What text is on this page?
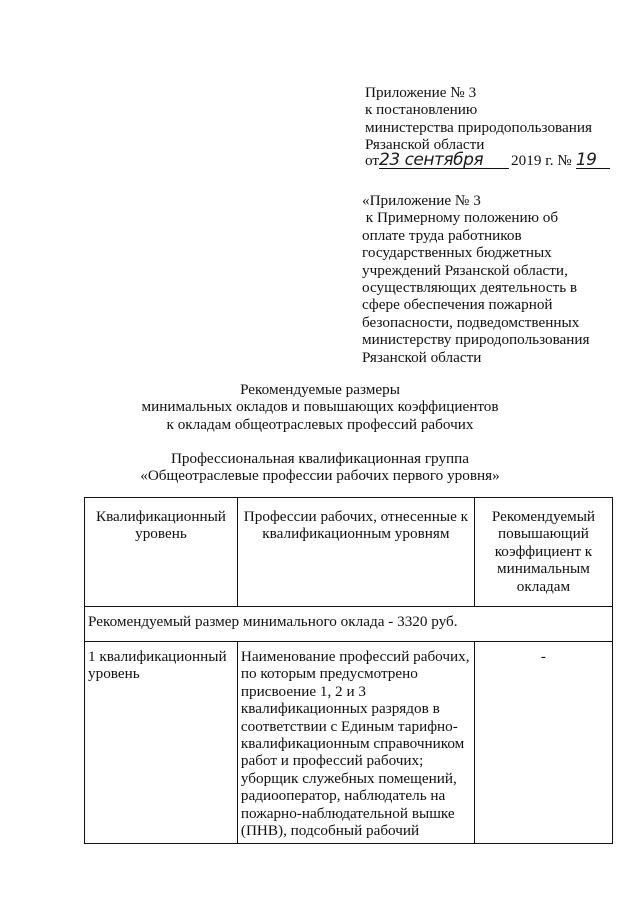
Приложение № 3
к постановлению
министерства природопользования
Рязанской области
от23 сентября 2019 г. № 19
«Приложение № 3
к Примерному положению об
оплате труда работников
государственных бюджетных
учреждений Рязанской области,
осуществляющих деятельность в
сфере обеспечения пожарной
безопасности, подведомственных
министерству природопользования
Рязанской области
Рекомендуемые размеры
минимальных окладов и повышающих коэффициентов
к окладам общеотраслевых профессий рабочих
Профессиональная квалификационная группа
«Общеотраслевые профессии рабочих первого уровня»
Квалификационный уровень	Профессии рабочих, отнесенные к квалификационным уровням	Рекомендуемый повышающий коэффициент к минимальным окладам
Рекомендуемый размер минимального оклада - 3320 руб.		
1 квалификационный уровень	Наименование профессий рабочих, по которым предусмотрено присвоение 1, 2 и 3 квалификационных разрядов в соответствии с Единым тарифно-квалификационным справочником работ и профессий рабочих; уборщик служебных помещений, радиооператор, наблюдатель на пожарно-наблюдательной вышке (ПНВ), подсобный рабочий	-
